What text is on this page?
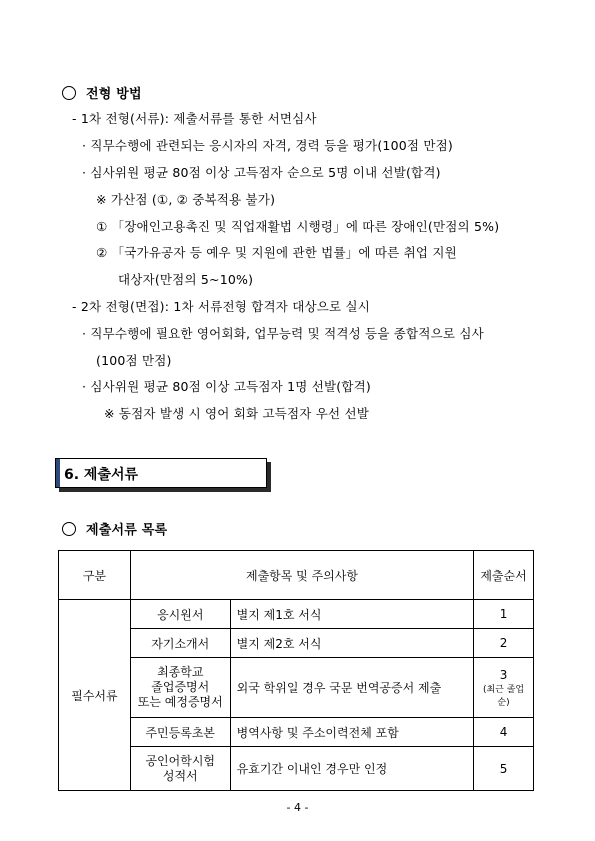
전형 방법
- 1차 전형(서류): 제출서류를 통한 서면심사
· 직무수행에 관련되는 응시자의 자격, 경력 등을 평가(100점 만점)
· 심사위원 평균 80점 이상 고득점자 순으로 5명 이내 선발(합격)
※ 가산점 (①, ② 중복적용 불가)
① 「장애인고용촉진 및 직업재활법 시행령」에 따른 장애인(만점의 5%)
② 「국가유공자 등 예우 및 지원에 관한 법률」에 따른 취업 지원
대상자(만점의 5~10%)
- 2차 전형(면접): 1차 서류전형 합격자 대상으로 실시
· 직무수행에 필요한 영어회화, 업무능력 및 적격성 등을 종합적으로 심사
(100점 만점)
· 심사위원 평균 80점 이상 고득점자 1명 선발(합격)
※ 동점자 발생 시 영어 회화 고득점자 우선 선발
6. 제출서류
제출서류 목록
구분	제출항목 및 주의사항		제출순서
필수서류	응시원서	별지 제1호 서식	1
	자기소개서	별지 제2호 서식	2
	최종학교
졸업증명서
또는 예정증명서	외국 학위일 경우 국문 번역공증서 제출	3
(최근 졸업순)

	주민등록초본	병역사항 및 주소이력전체 포함	4
	공인어학시험
성적서	유효기간 이내인 경우만 인정	5
- 4 -
